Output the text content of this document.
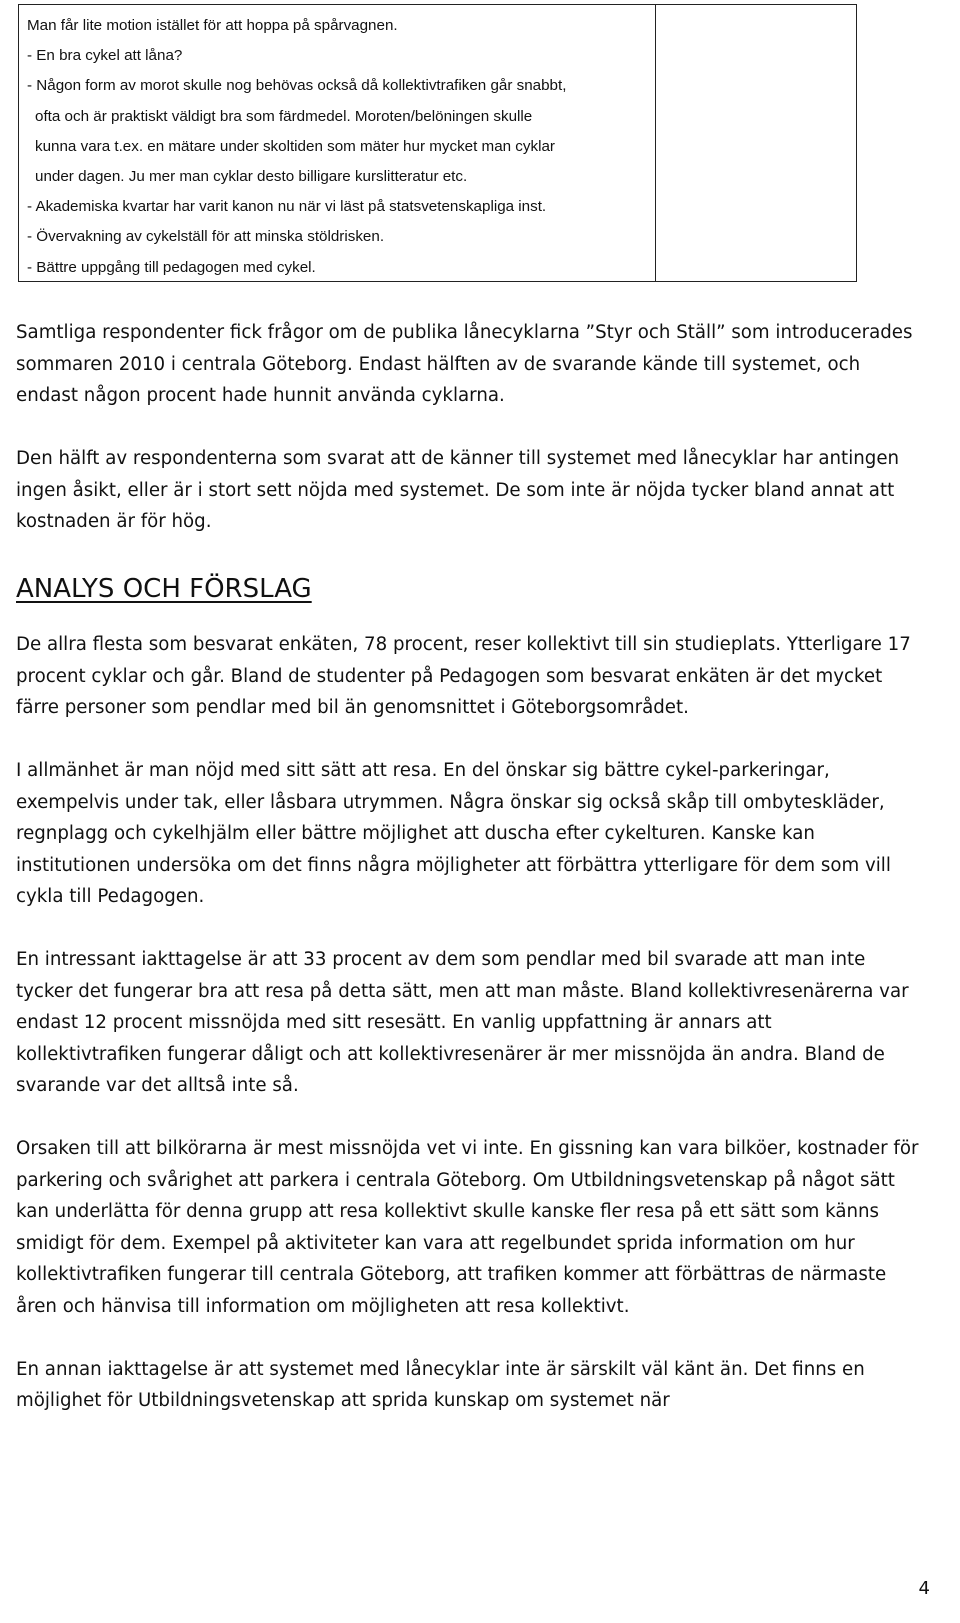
Man får lite motion istället för att hoppa på spårvagnen.
- En bra cykel att låna?
- Någon form av morot skulle nog behövas också då kollektivtrafiken går snabbt,
ofta och är praktiskt väldigt bra som färdmedel. Moroten/belöningen skulle
kunna vara t.ex. en mätare under skoltiden som mäter hur mycket man cyklar
under dagen. Ju mer man cyklar desto billigare kurslitteratur etc.
- Akademiska kvartar har varit kanon nu när vi läst på statsvetenskapliga inst.
- Övervakning av cykelställ för att minska stöldrisken.
- Bättre uppgång till pedagogen med cykel.

Samtliga respondenter fick frågor om de publika lånecyklarna ”Styr och Ställ” som introducerades sommaren 2010 i centrala Göteborg. Endast hälften av de svarande kände till systemet, och endast någon procent hade hunnit använda cyklarna.

Den hälft av respondenterna som svarat att de känner till systemet med lånecyklar har antingen ingen åsikt, eller är i stort sett nöjda med systemet. De som inte är nöjda tycker bland annat att kostnaden är för hög.

ANALYS OCH FÖRSLAG

De allra flesta som besvarat enkäten, 78 procent, reser kollektivt till sin studieplats. Ytterligare 17 procent cyklar och går. Bland de studenter på Pedagogen som besvarat enkäten är det mycket färre personer som pendlar med bil än genomsnittet i Göteborgsområdet.

I allmänhet är man nöjd med sitt sätt att resa. En del önskar sig bättre cykel-parkeringar, exempelvis under tak, eller låsbara utrymmen. Några önskar sig också skåp till ombyteskläder, regnplagg och cykelhjälm eller bättre möjlighet att duscha efter cykelturen. Kanske kan institutionen undersöka om det finns några möjligheter att förbättra ytterligare för dem som vill cykla till Pedagogen.

En intressant iakttagelse är att 33 procent av dem som pendlar med bil svarade att man inte tycker det fungerar bra att resa på detta sätt, men att man måste. Bland kollektivresenärerna var endast 12 procent missnöjda med sitt resesätt. En vanlig uppfattning är annars att kollektivtrafiken fungerar dåligt och att kollektivresenärer är mer missnöjda än andra. Bland de svarande var det alltså inte så.

Orsaken till att bilkörarna är mest missnöjda vet vi inte. En gissning kan vara bilköer, kostnader för parkering och svårighet att parkera i centrala Göteborg. Om Utbildningsvetenskap på något sätt kan underlätta för denna grupp att resa kollektivt skulle kanske fler resa på ett sätt som känns smidigt för dem. Exempel på aktiviteter kan vara att regelbundet sprida information om hur kollektivtrafiken fungerar till centrala Göteborg, att trafiken kommer att förbättras de närmaste åren och hänvisa till information om möjligheten att resa kollektivt.

En annan iakttagelse är att systemet med lånecyklar inte är särskilt väl känt än. Det finns en möjlighet för Utbildningsvetenskap att sprida kunskap om systemet när

4
